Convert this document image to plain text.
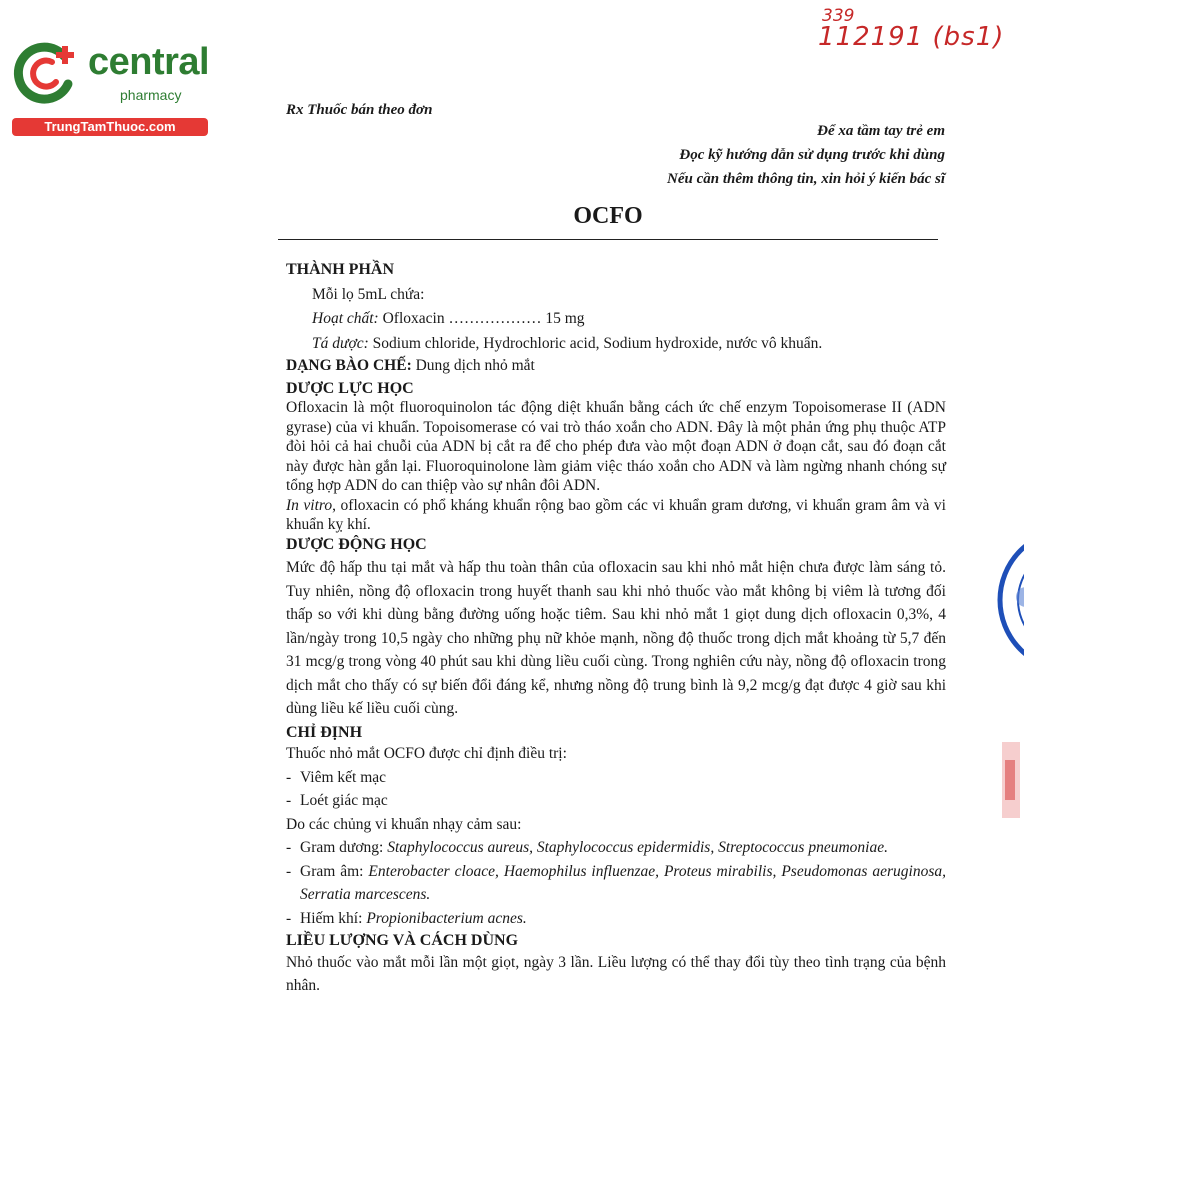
central
pharmacy
TrungTamThuoc.com
339
112191 (bs1)
Rx Thuốc bán theo đơn
Để xa tầm tay trẻ em
Đọc kỹ hướng dẫn sử dụng trước khi dùng
Nếu cần thêm thông tin, xin hỏi ý kiến bác sĩ
OCFO

THÀNH PHẦN

Mỗi lọ 5mL chứa:

Hoạt chất: Ofloxacin ……………… 15 mg

Tá dược: Sodium chloride, Hydrochloric acid, Sodium hydroxide, nước vô khuẩn.

DẠNG BÀO CHẾ: Dung dịch nhỏ mắt

DƯỢC LỰC HỌC

Ofloxacin là một fluoroquinolon tác động diệt khuẩn bằng cách ức chế enzym Topoisomerase II (ADN gyrase) của vi khuẩn. Topoisomerase có vai trò tháo xoắn cho ADN. Đây là một phản ứng phụ thuộc ATP đòi hỏi cả hai chuỗi của ADN bị cắt ra để cho phép đưa vào một đoạn ADN ở đoạn cắt, sau đó đoạn cắt này được hàn gắn lại. Fluoroquinolone làm giảm việc tháo xoắn cho ADN và làm ngừng nhanh chóng sự tổng hợp ADN do can thiệp vào sự nhân đôi ADN.

In vitro, ofloxacin có phổ kháng khuẩn rộng bao gồm các vi khuẩn gram dương, vi khuẩn gram âm và vi khuẩn kỵ khí.

DƯỢC ĐỘNG HỌC

Mức độ hấp thu tại mắt và hấp thu toàn thân của ofloxacin sau khi nhỏ mắt hiện chưa được làm sáng tỏ. Tuy nhiên, nồng độ ofloxacin trong huyết thanh sau khi nhỏ thuốc vào mắt không bị viêm là tương đối thấp so với khi dùng bằng đường uống hoặc tiêm. Sau khi nhỏ mắt 1 giọt dung dịch ofloxacin 0,3%, 4 lần/ngày trong 10,5 ngày cho những phụ nữ khỏe mạnh, nồng độ thuốc trong dịch mắt khoảng từ 5,7 đến 31 mcg/g trong vòng 40 phút sau khi dùng liều cuối cùng. Trong nghiên cứu này, nồng độ ofloxacin trong dịch mắt cho thấy có sự biến đổi đáng kể, nhưng nồng độ trung bình là 9,2 mcg/g đạt được 4 giờ sau khi dùng liều kế liều cuối cùng.

CHỈ ĐỊNH

Thuốc nhỏ mắt OCFO được chỉ định điều trị:

- Viêm kết mạc
- Loét giác mạc

Do các chủng vi khuẩn nhạy cảm sau:

- Gram dương: Staphylococcus aureus, Staphylococcus epidermidis, Streptococcus pneumoniae.
- Gram âm: Enterobacter cloace, Haemophilus influenzae, Proteus mirabilis, Pseudomonas aeruginosa, Serratia marcescens.
- Hiếm khí: Propionibacterium acnes.

LIỀU LƯỢNG VÀ CÁCH DÙNG

Nhỏ thuốc vào mắt mỗi lần một giọt, ngày 3 lần. Liều lượng có thể thay đổi tùy theo tình trạng của bệnh nhân.
